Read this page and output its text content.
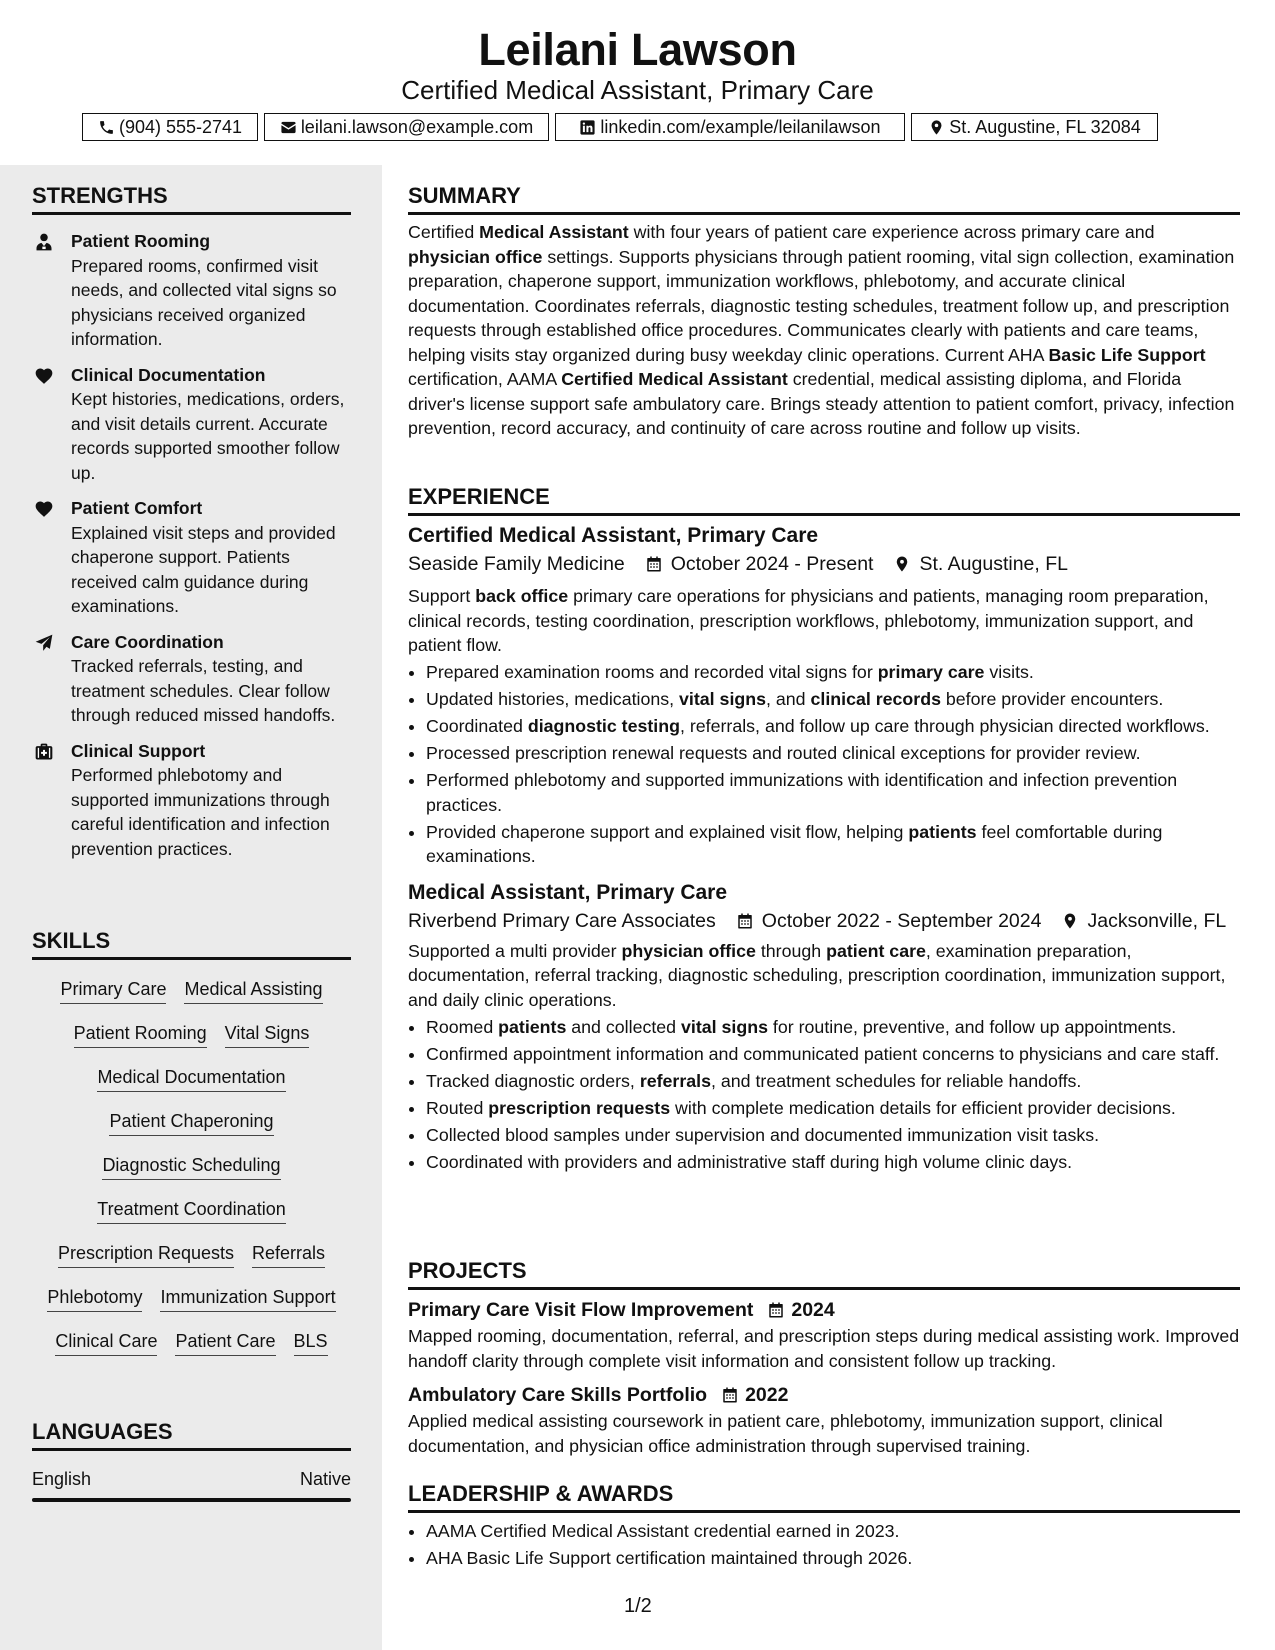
Leilani Lawson
Certified Medical Assistant, Primary Care
(904) 555-2741	leilani.lawson@example.com	linkedin.com/example/leilanilawson	St. Augustine, FL 32084
STRENGTHS
Patient Rooming
Prepared rooms, confirmed visit needs, and collected vital signs so physicians received organized information.
Clinical Documentation
Kept histories, medications, orders, and visit details current. Accurate records supported smoother follow up.
Patient Comfort
Explained visit steps and provided chaperone support. Patients received calm guidance during examinations.
Care Coordination
Tracked referrals, testing, and treatment schedules. Clear follow through reduced missed handoffs.
Clinical Support
Performed phlebotomy and supported immunizations through careful identification and infection prevention practices.
SKILLS
Primary Care Medical Assisting
Patient Rooming Vital Signs
Medical Documentation
Patient Chaperoning
Diagnostic Scheduling
Treatment Coordination
Prescription Requests Referrals
Phlebotomy Immunization Support
Clinical Care Patient Care BLS
LANGUAGES
English	Native
SUMMARY

Certified Medical Assistant with four years of patient care experience across primary care and physician office settings. Supports physicians through patient rooming, vital sign collection, examination preparation, chaperone support, immunization workflows, phlebotomy, and accurate clinical documentation. Coordinates referrals, diagnostic testing schedules, treatment follow up, and prescription requests through established office procedures. Communicates clearly with patients and care teams, helping visits stay organized during busy weekday clinic operations. Current AHA Basic Life Support certification, AAMA Certified Medical Assistant credential, medical assisting diploma, and Florida driver's license support safe ambulatory care. Brings steady attention to patient comfort, privacy, infection prevention, record accuracy, and continuity of care across routine and follow up visits.

EXPERIENCE
Certified Medical Assistant, Primary Care
Seaside Family Medicine October 2024 - Present St. Augustine, FL

Support back office primary care operations for physicians and patients, managing room preparation, clinical records, testing coordination, prescription workflows, phlebotomy, immunization support, and patient flow.

• Prepared examination rooms and recorded vital signs for primary care visits.
• Updated histories, medications, vital signs, and clinical records before provider encounters.
• Coordinated diagnostic testing, referrals, and follow up care through physician directed workflows.
• Processed prescription renewal requests and routed clinical exceptions for provider review.
• Performed phlebotomy and supported immunizations with identification and infection prevention practices.
• Provided chaperone support and explained visit flow, helping patients feel comfortable during examinations.
Medical Assistant, Primary Care
Riverbend Primary Care Associates October 2022 - September 2024 Jacksonville, FL

Supported a multi provider physician office through patient care, examination preparation, documentation, referral tracking, diagnostic scheduling, prescription coordination, immunization support, and daily clinic operations.

• Roomed patients and collected vital signs for routine, preventive, and follow up appointments.
• Confirmed appointment information and communicated patient concerns to physicians and care staff.
• Tracked diagnostic orders, referrals, and treatment schedules for reliable handoffs.
• Routed prescription requests with complete medication details for efficient provider decisions.
• Collected blood samples under supervision and documented immunization visit tasks.
• Coordinated with providers and administrative staff during high volume clinic days.
PROJECTS
Primary Care Visit Flow Improvement 2024

Mapped rooming, documentation, referral, and prescription steps during medical assisting work. Improved handoff clarity through complete visit information and consistent follow up tracking.

Ambulatory Care Skills Portfolio 2022

Applied medical assisting coursework in patient care, phlebotomy, immunization support, clinical documentation, and physician office administration through supervised training.

LEADERSHIP & AWARDS
• AAMA Certified Medical Assistant credential earned in 2023.
• AHA Basic Life Support certification maintained through 2026.
1/2
